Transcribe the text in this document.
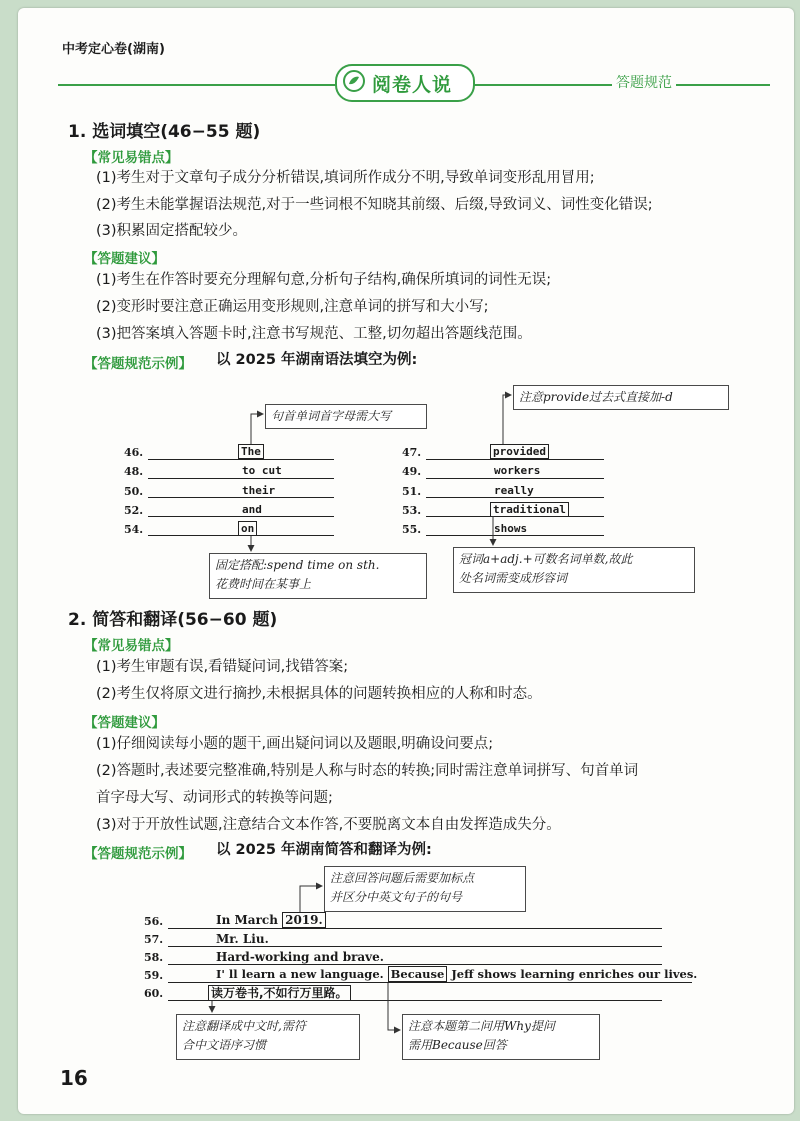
中考定心卷(湖南)
阅卷人说	答题规范
1. 选词填空(46−55 题)
【常见易错点】
(1)考生对于文章句子成分分析错误,填词所作成分不明,导致单词变形乱用冒用;
(2)考生未能掌握语法规范,对于一些词根不知晓其前缀、后缀,导致词义、词性变化错误;
(3)积累固定搭配较少。
【答题建议】
(1)考生在作答时要充分理解句意,分析句子结构,确保所填词的词性无误;
(2)变形时要注意正确运用变形规则,注意单词的拼写和大小写;
(3)把答案填入答题卡时,注意书写规范、工整,切勿超出答题线范围。
【答题规范示例】 以 2025 年湖南语法填空为例:
句首单词首字母需大写
注意provide过去式直接加-d
固定搭配:spend time on sth.
花费时间在某事上
冠词a+adj.+可数名词单数,故此
处名词需变成形容词
46.	The
48.	to cut
50.	their
52.	and
54.	on
47.	provided
49.	workers
51.	really
53.	traditional
55.	shows
2. 简答和翻译(56−60 题)
【常见易错点】
(1)考生审题有误,看错疑问词,找错答案;
(2)考生仅将原文进行摘抄,未根据具体的问题转换相应的人称和时态。
【答题建议】
(1)仔细阅读每小题的题干,画出疑问词以及题眼,明确设问要点;
(2)答题时,表述要完整准确,特别是人称与时态的转换;同时需注意单词拼写、句首单词
首字母大写、动词形式的转换等问题;
(3)对于开放性试题,注意结合文本作答,不要脱离文本自由发挥造成失分。
【答题规范示例】 以 2025 年湖南简答和翻译为例:
注意回答问题后需要加标点
并区分中英文句子的句号
注意翻译成中文时,需符
合中文语序习惯
注意本题第二问用Why提问
需用Because回答
56.	In March 2019.
57.	Mr. Liu.
58.	Hard-working and brave.
59.	I' ll learn a new language. Because Jeff shows learning enriches our lives.
60.	读万卷书,不如行万里路。
16
